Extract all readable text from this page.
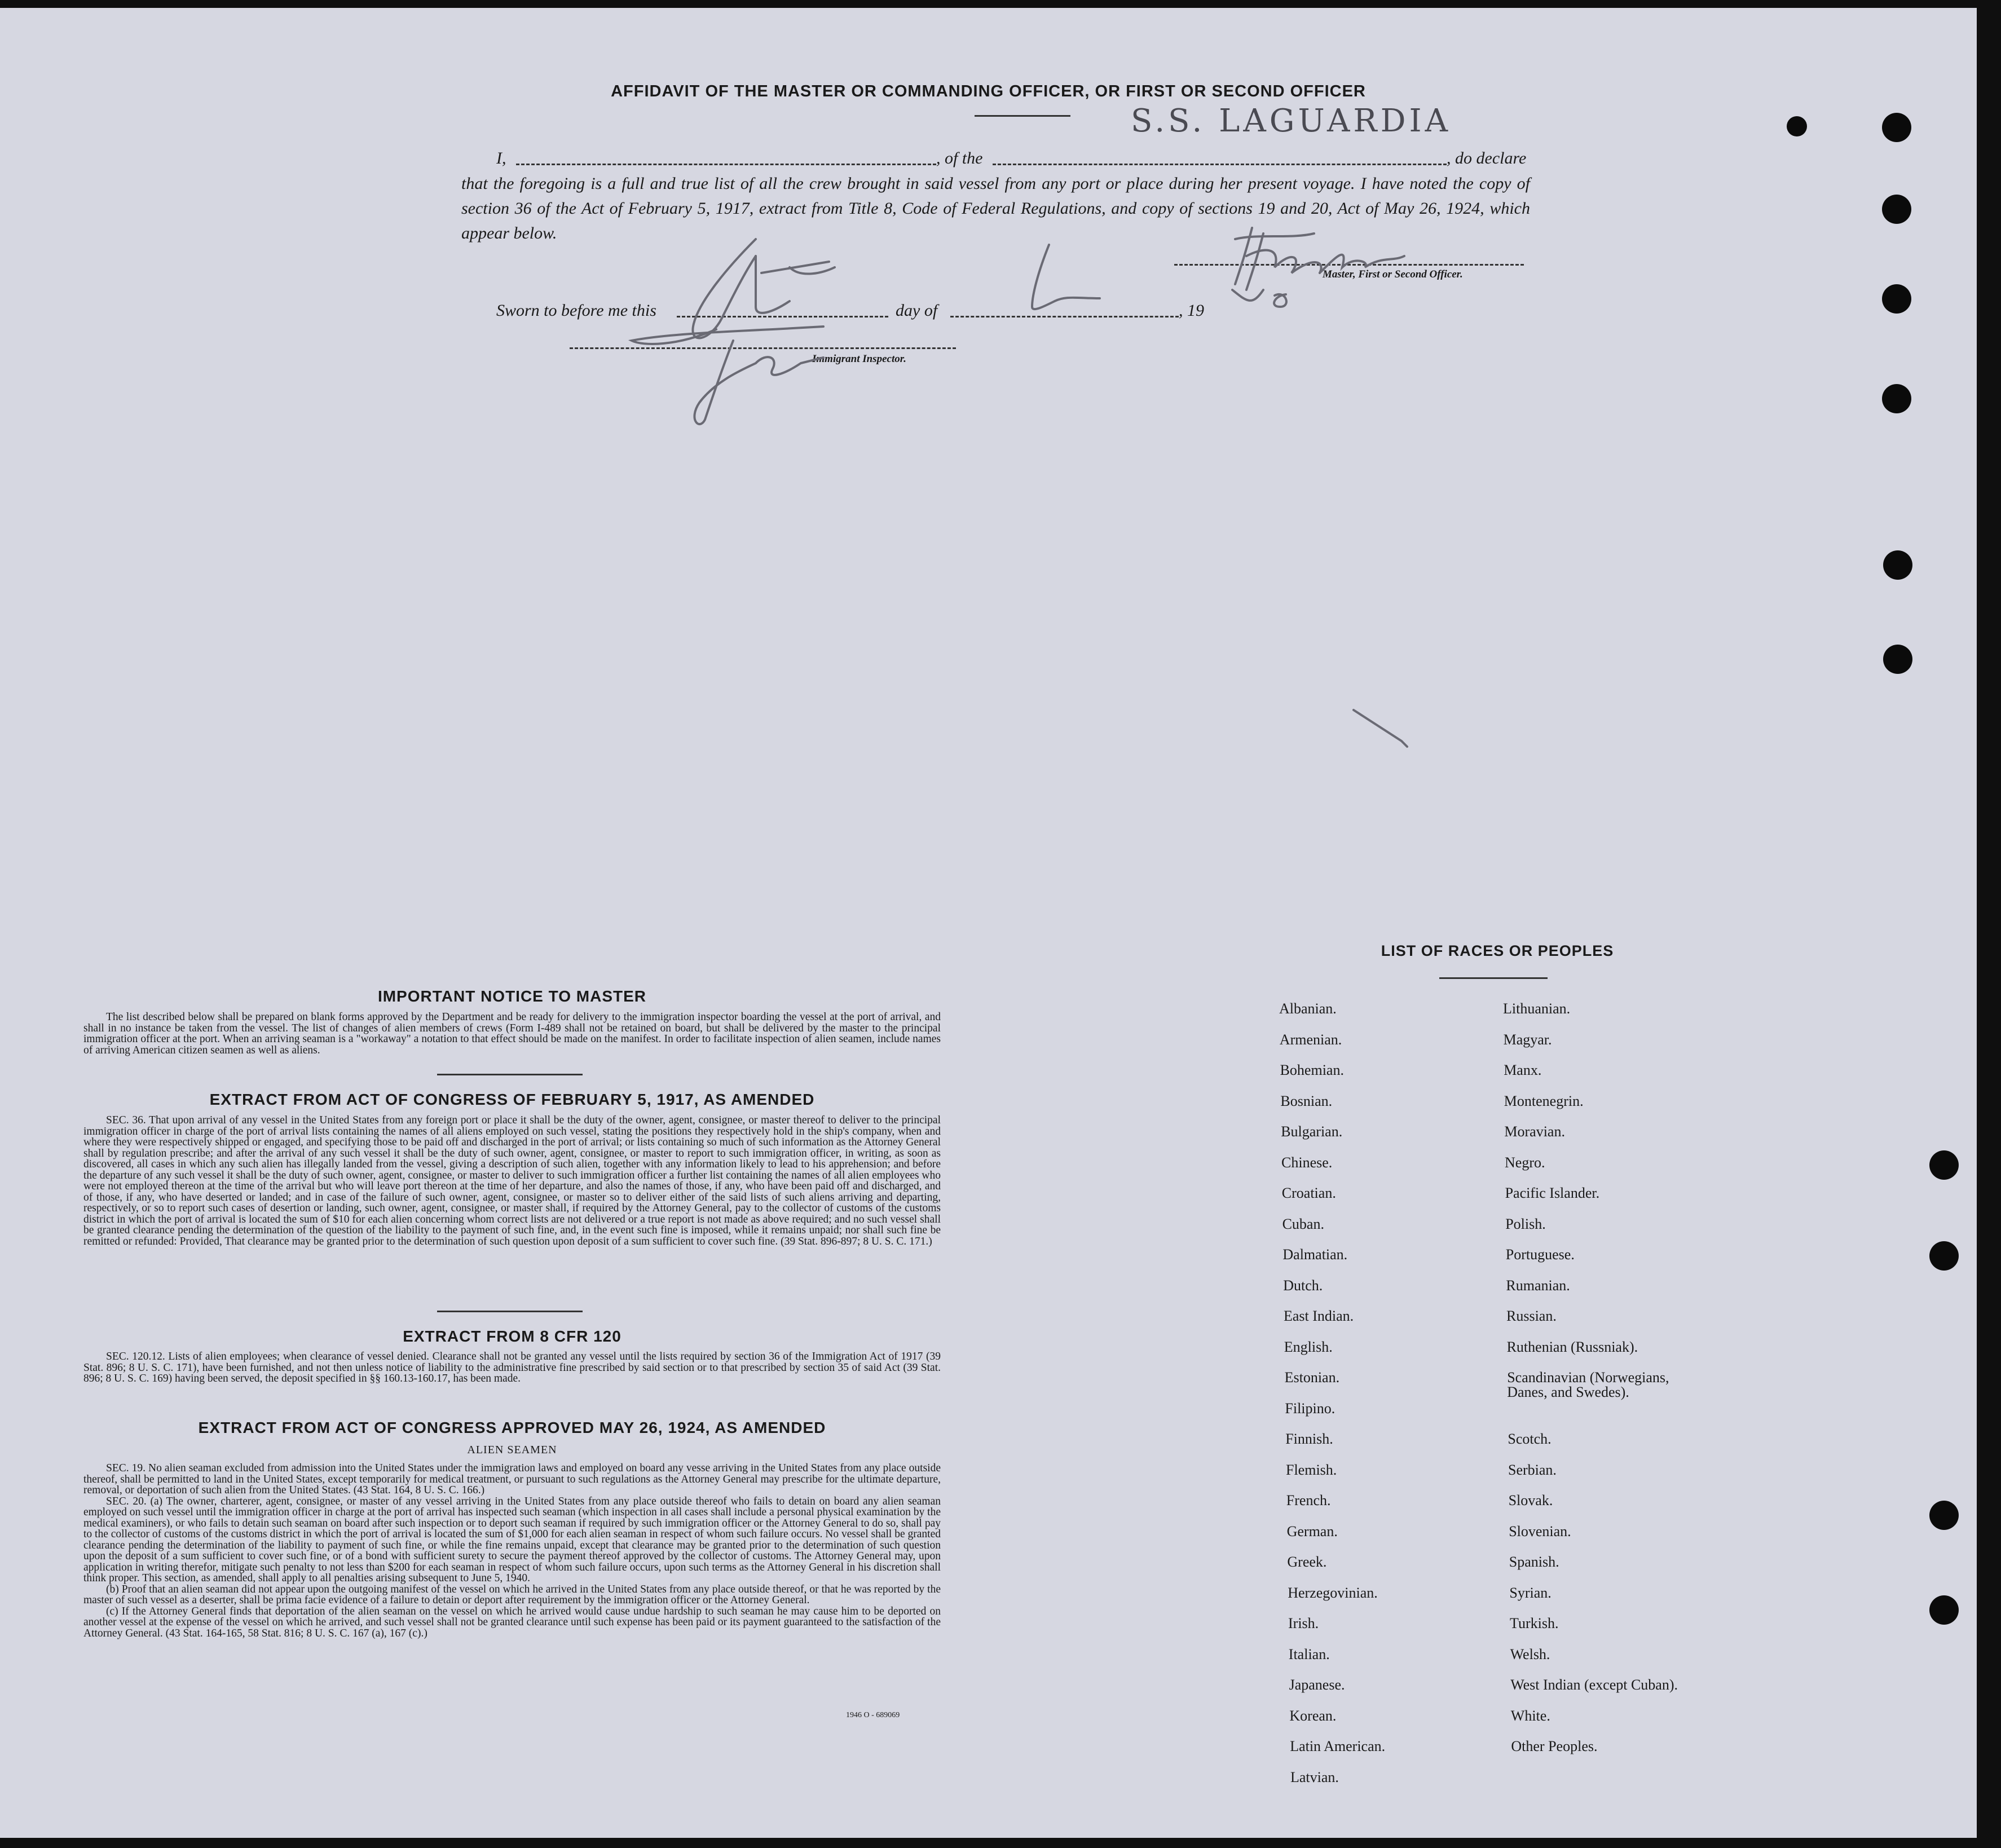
AFFIDAVIT OF THE MASTER OR COMMANDING OFFICER, OR FIRST OR SECOND OFFICER
S.S. LAGUARDIA
I,	, of the	, do declare
that the foregoing is a full and true list of all the crew brought in said vessel from any port or place during her present voyage. I have noted the copy of section 36 of the Act of February 5, 1917, extract from Title 8, Code of Federal Regulations, and copy of sections 19 and 20, Act of May 26, 1924, which appear below.
Sworn to before me this	day of	, 19
Master, First or Second Officer.
Immigrant Inspector.
IMPORTANT NOTICE TO MASTER

The list described below shall be prepared on blank forms approved by the Department and be ready for delivery to the immigration inspector boarding the vessel at the port of arrival, and shall in no instance be taken from the vessel. The list of changes of alien members of crews (Form I-489 shall not be retained on board, but shall be delivered by the master to the principal immigration officer at the port. When an arriving seaman is a "workaway" a notation to that effect should be made on the manifest. In order to facilitate inspection of alien seamen, include names of arriving American citizen seamen as well as aliens.

EXTRACT FROM ACT OF CONGRESS OF FEBRUARY 5, 1917, AS AMENDED

SEC. 36. That upon arrival of any vessel in the United States from any foreign port or place it shall be the duty of the owner, agent, consignee, or master thereof to deliver to the principal immigration officer in charge of the port of arrival lists containing the names of all aliens employed on such vessel, stating the positions they respectively hold in the ship's company, when and where they were respectively shipped or engaged, and specifying those to be paid off and discharged in the port of arrival; or lists containing so much of such information as the Attorney General shall by regulation prescribe; and after the arrival of any such vessel it shall be the duty of such owner, agent, consignee, or master to report to such immigration officer, in writing, as soon as discovered, all cases in which any such alien has illegally landed from the vessel, giving a description of such alien, together with any information likely to lead to his apprehension; and before the departure of any such vessel it shall be the duty of such owner, agent, consignee, or master to deliver to such immigration officer a further list containing the names of all alien employees who were not employed thereon at the time of the arrival but who will leave port thereon at the time of her departure, and also the names of those, if any, who have been paid off and discharged, and of those, if any, who have deserted or landed; and in case of the failure of such owner, agent, consignee, or master so to deliver either of the said lists of such aliens arriving and departing, respectively, or so to report such cases of desertion or landing, such owner, agent, consignee, or master shall, if required by the Attorney General, pay to the collector of customs of the customs district in which the port of arrival is located the sum of $10 for each alien concerning whom correct lists are not delivered or a true report is not made as above required; and no such vessel shall be granted clearance pending the determination of the question of the liability to the payment of such fine, and, in the event such fine is imposed, while it remains unpaid; nor shall such fine be remitted or refunded: Provided, That clearance may be granted prior to the determination of such question upon deposit of a sum sufficient to cover such fine. (39 Stat. 896-897; 8 U. S. C. 171.)

EXTRACT FROM 8 CFR 120

SEC. 120.12. Lists of alien employees; when clearance of vessel denied. Clearance shall not be granted any vessel until the lists required by section 36 of the Immigration Act of 1917 (39 Stat. 896; 8 U. S. C. 171), have been furnished, and not then unless notice of liability to the administrative fine prescribed by said section or to that prescribed by section 35 of said Act (39 Stat. 896; 8 U. S. C. 169) having been served, the deposit specified in §§ 160.13-160.17, has been made.

EXTRACT FROM ACT OF CONGRESS APPROVED MAY 26, 1924, AS AMENDED
ALIEN SEAMEN

SEC. 19. No alien seaman excluded from admission into the United States under the immigration laws and employed on board any vesse arriving in the United States from any place outside thereof, shall be permitted to land in the United States, except temporarily for medical treatment, or pursuant to such regulations as the Attorney General may prescribe for the ultimate departure, removal, or deportation of such alien from the United States. (43 Stat. 164, 8 U. S. C. 166.)

SEC. 20. (a) The owner, charterer, agent, consignee, or master of any vessel arriving in the United States from any place outside thereof who fails to detain on board any alien seaman employed on such vessel until the immigration officer in charge at the port of arrival has inspected such seaman (which inspection in all cases shall include a personal physical examination by the medical examiners), or who fails to detain such seaman on board after such inspection or to deport such seaman if required by such immigration officer or the Attorney General to do so, shall pay to the collector of customs of the customs district in which the port of arrival is located the sum of $1,000 for each alien seaman in respect of whom such failure occurs. No vessel shall be granted clearance pending the determination of the liability to payment of such fine, or while the fine remains unpaid, except that clearance may be granted prior to the determination of such question upon the deposit of a sum sufficient to cover such fine, or of a bond with sufficient surety to secure the payment thereof approved by the collector of customs. The Attorney General may, upon application in writing therefor, mitigate such penalty to not less than $200 for each seaman in respect of whom such failure occurs, upon such terms as the Attorney General in his discretion shall think proper. This section, as amended, shall apply to all penalties arising subsequent to June 5, 1940.

(b) Proof that an alien seaman did not appear upon the outgoing manifest of the vessel on which he arrived in the United States from any place outside thereof, or that he was reported by the master of such vessel as a deserter, shall be prima facie evidence of a failure to detain or deport after requirement by the immigration officer or the Attorney General.

(c) If the Attorney General finds that deportation of the alien seaman on the vessel on which he arrived would cause undue hardship to such seaman he may cause him to be deported on another vessel at the expense of the vessel on which he arrived, and such vessel shall not be granted clearance until such expense has been paid or its payment guaranteed to the satisfaction of the Attorney General. (43 Stat. 164-165, 58 Stat. 816; 8 U. S. C. 167 (a), 167 (c).)

1946 O - 689069
LIST OF RACES OR PEOPLES
Albanian.
Armenian.
Bohemian.
Bosnian.
Bulgarian.
Chinese.
Croatian.
Cuban.
Dalmatian.
Dutch.
East Indian.
English.
Estonian.
Filipino.
Finnish.
Flemish.
French.
German.
Greek.
Herzegovinian.
Irish.
Italian.
Japanese.
Korean.
Latin American.
Latvian.
Lithuanian.
Magyar.
Manx.
Montenegrin.
Moravian.
Negro.
Pacific Islander.
Polish.
Portuguese.
Rumanian.
Russian.
Ruthenian (Russniak).
Scandinavian (Norwegians,
Danes, and Swedes).
Scotch.
Serbian.
Slovak.
Slovenian.
Spanish.
Syrian.
Turkish.
Welsh.
West Indian (except Cuban).
White.
Other Peoples.
